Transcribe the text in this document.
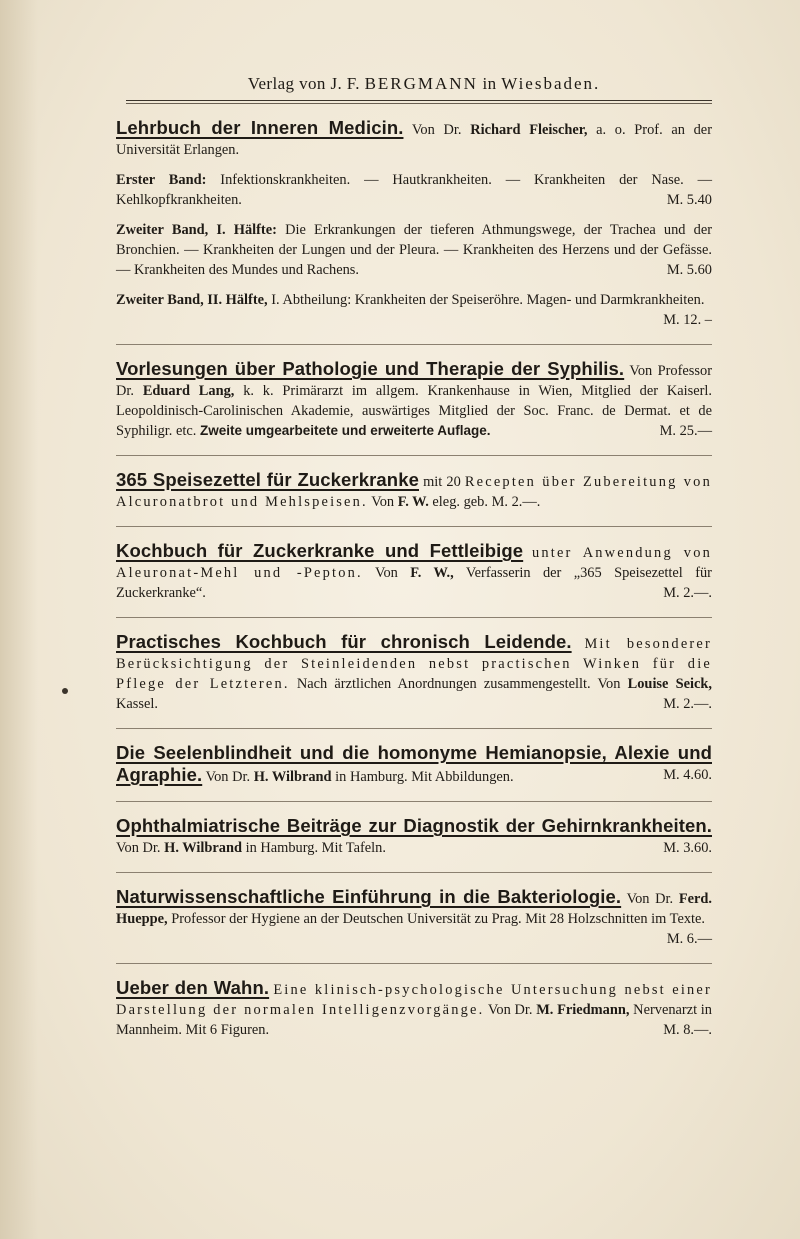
Verlag von J. F. BERGMANN in Wiesbaden.

Lehrbuch der Inneren Medicin. Von Dr. Richard Fleischer, a. o. Prof. an der Universität Erlangen.

Erster Band: Infektionskrankheiten. — Hautkrankheiten. — Krankheiten der Nase. — Kehlkopfkrankheiten.	M. 5.40

Zweiter Band, I. Hälfte: Die Erkrankungen der tieferen Athmungswege, der Trachea und der Bronchien. — Krankheiten der Lungen und der Pleura. — Krankheiten des Herzens und der Gefässe. — Krankheiten des Mundes und Rachens.	M. 5.60

Zweiter Band, II. Hälfte, I. Abtheilung: Krankheiten der Speiseröhre. Magen- und Darmkrankheiten.
M. 12. –

Vorlesungen über Pathologie und Therapie der Syphilis. Von Professor Dr. Eduard Lang, k. k. Primärarzt im allgem. Krankenhause in Wien, Mitglied der Kaiserl. Leopoldinisch-Carolinischen Akademie, auswärtiges Mitglied der Soc. Franc. de Dermat. et de Syphiligr. etc. Zweite umgearbeitete und erweiterte Auflage.	M. 25.—

365 Speisezettel für Zuckerkranke mit 20 Recepten über Zubereitung von Alcuronatbrot und Mehlspeisen. Von F. W. eleg. geb. M. 2.—.

Kochbuch für Zuckerkranke und Fettleibige unter Anwendung von Aleuronat-Mehl und -Pepton. Von F. W., Verfasserin der „365 Speisezettel für Zuckerkranke“.	M. 2.—.

Practisches Kochbuch für chronisch Leidende. Mit besonderer Berücksichtigung der Steinleidenden nebst practischen Winken für die Pflege der Letzteren. Nach ärztlichen Anordnungen zusammengestellt. Von Louise Seick, Kassel.	M. 2.—.

Die Seelenblindheit und die homonyme Hemianopsie, Alexie und Agraphie. Von Dr. H. Wilbrand in Hamburg. Mit Abbildungen.	M. 4.60.

Ophthalmiatrische Beiträge zur Diagnostik der Gehirnkrankheiten. Von Dr. H. Wilbrand in Hamburg. Mit Tafeln.	M. 3.60.

Naturwissenschaftliche Einführung in die Bakteriologie. Von Dr. Ferd. Hueppe, Professor der Hygiene an der Deutschen Universität zu Prag. Mit 28 Holzschnitten im Texte.
M. 6.—

Ueber den Wahn. Eine klinisch-psychologische Untersuchung nebst einer Darstellung der normalen Intelligenzvorgänge. Von Dr. M. Friedmann, Nervenarzt in Mannheim. Mit 6 Figuren.	M. 8.—.
